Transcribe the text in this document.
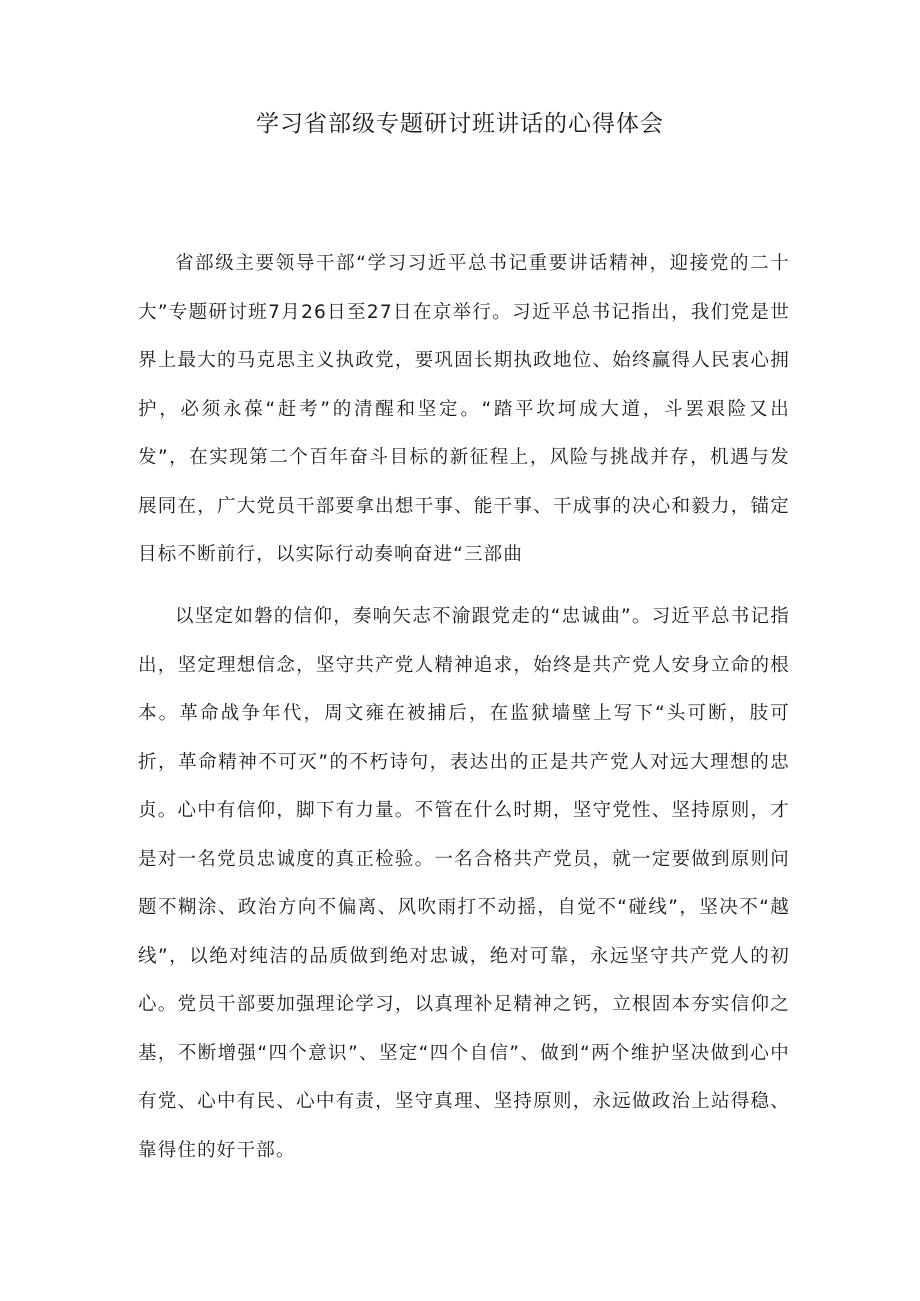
学习省部级专题研讨班讲话的心得体会

省部级主要领导干部“学习习近平总书记重要讲话精神，迎接党的二十大”专题研讨班7月26日至27日在京举行。习近平总书记指出，我们党是世界上最大的马克思主义执政党，要巩固长期执政地位、始终赢得人民衷心拥护，必须永葆“赶考”的清醒和坚定。“踏平坎坷成大道，斗罢艰险又出发”，在实现第二个百年奋斗目标的新征程上，风险与挑战并存，机遇与发展同在，广大党员干部要拿出想干事、能干事、干成事的决心和毅力，锚定目标不断前行，以实际行动奏响奋进“三部曲

以坚定如磐的信仰，奏响矢志不渝跟党走的“忠诚曲”。习近平总书记指出，坚定理想信念，坚守共产党人精神追求，始终是共产党人安身立命的根本。革命战争年代，周文雍在被捕后，在监狱墙壁上写下“头可断，肢可折，革命精神不可灭”的不朽诗句，表达出的正是共产党人对远大理想的忠贞。心中有信仰，脚下有力量。不管在什么时期，坚守党性、坚持原则，才是对一名党员忠诚度的真正检验。一名合格共产党员，就一定要做到原则问题不糊涂、政治方向不偏离、风吹雨打不动摇，自觉不“碰线”，坚决不“越线”，以绝对纯洁的品质做到绝对忠诚，绝对可靠，永远坚守共产党人的初心。党员干部要加强理论学习，以真理补足精神之钙，立根固本夯实信仰之基，不断增强“四个意识”、坚定“四个自信”、做到“两个维护坚决做到心中有党、心中有民、心中有责，坚守真理、坚持原则，永远做政治上站得稳、靠得住的好干部。
